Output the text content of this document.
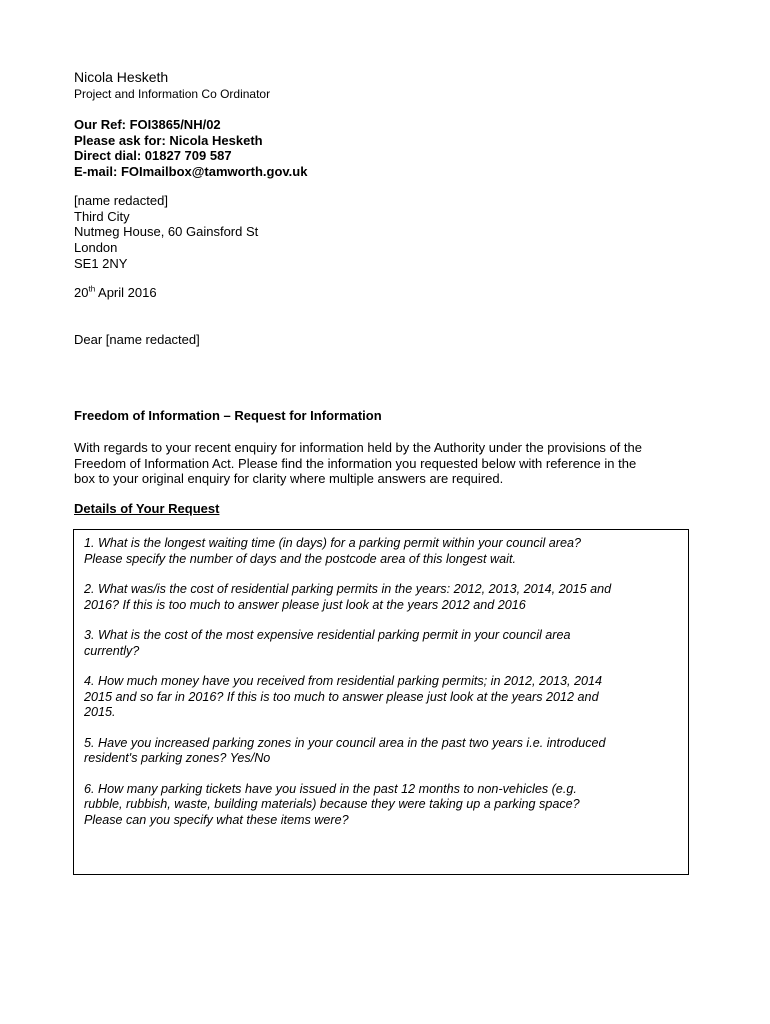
Nicola Hesketh
Project and Information Co Ordinator
Our Ref: FOI3865/NH/02
Please ask for: Nicola Hesketh
Direct dial: 01827 709 587
E-mail: FOImailbox@tamworth.gov.uk
[name redacted]
Third City
Nutmeg House, 60 Gainsford St
London
SE1 2NY
20th April 2016
Dear [name redacted]
Freedom of Information – Request for Information
With regards to your recent enquiry for information held by the Authority under the provisions of the
Freedom of Information Act. Please find the information you requested below with reference in the
box to your original enquiry for clarity where multiple answers are required.
Details of Your Request
1. What is the longest waiting time (in days) for a parking permit within your council area?
Please specify the number of days and the postcode area of this longest wait.
2. What was/is the cost of residential parking permits in the years: 2012, 2013, 2014, 2015 and
2016? If this is too much to answer please just look at the years 2012 and 2016
3. What is the cost of the most expensive residential parking permit in your council area
currently?
4. How much money have you received from residential parking permits; in 2012, 2013, 2014
2015 and so far in 2016? If this is too much to answer please just look at the years 2012 and
2015.
5. Have you increased parking zones in your council area in the past two years i.e. introduced
resident's parking zones? Yes/No
6. How many parking tickets have you issued in the past 12 months to non-vehicles (e.g.
rubble, rubbish, waste, building materials) because they were taking up a parking space?
Please can you specify what these items were?
